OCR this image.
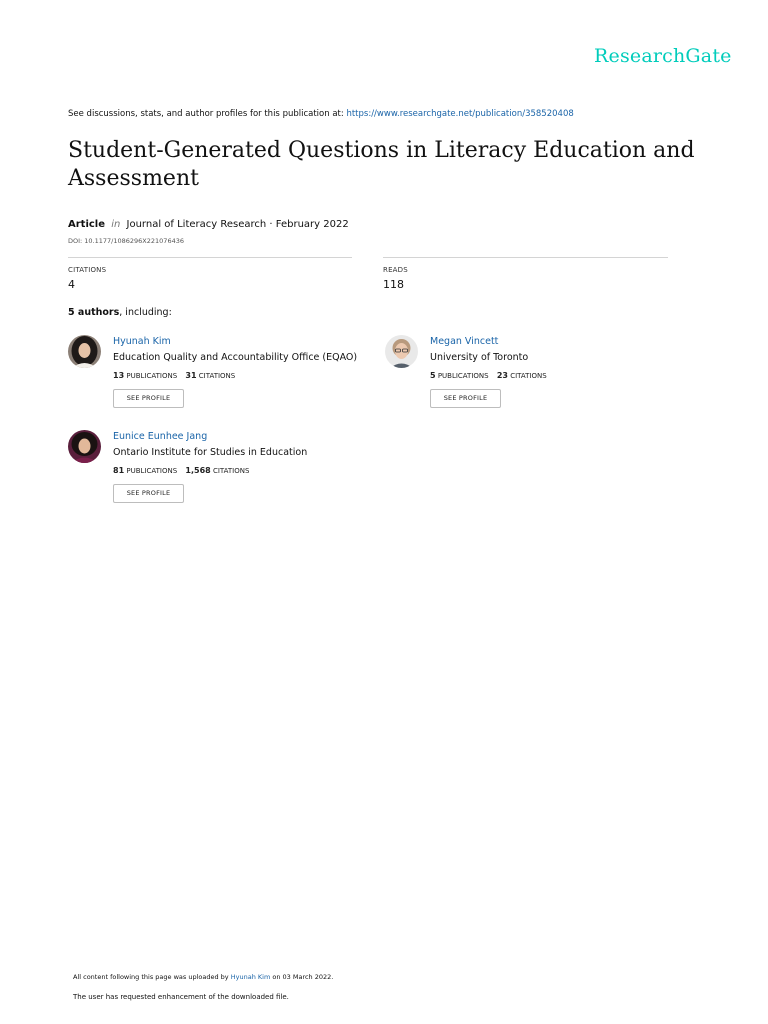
ResearchGate
See discussions, stats, and author profiles for this publication at: https://www.researchgate.net/publication/358520408
Student-Generated Questions in Literacy Education and Assessment
Article in Journal of Literacy Research · February 2022
DOI: 10.1177/1086296X221076436
CITATIONS
4
READS
118
5 authors, including:
Hyunah Kim
Education Quality and Accountability Office (EQAO)
13 PUBLICATIONS 31 CITATIONS
SEE PROFILE
Megan Vincett
University of Toronto
5 PUBLICATIONS 23 CITATIONS
SEE PROFILE
Eunice Eunhee Jang
Ontario Institute for Studies in Education
81 PUBLICATIONS 1,568 CITATIONS
SEE PROFILE
All content following this page was uploaded by Hyunah Kim on 03 March 2022.
The user has requested enhancement of the downloaded file.
